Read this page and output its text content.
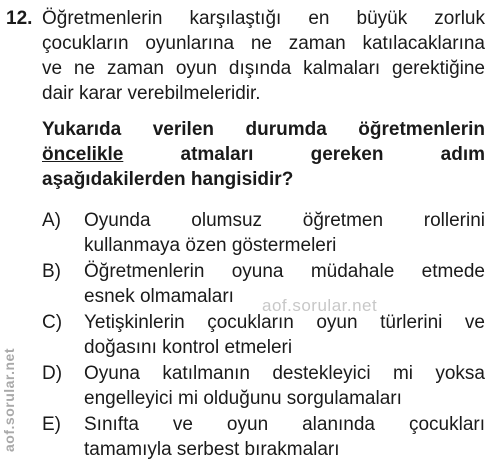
12. Öğretmenlerin karşılaştığı en büyük zorluk
çocukların oyunlarına ne zaman katılacaklarına
ve ne zaman oyun dışında kalmaları gerektiğine
dair karar verebilmeleridir.
Yukarıda verilen durumda öğretmenlerin
öncelikle atmaları gereken adım
aşağıdakilerden hangisidir?
A)	Oyunda olumsuz öğretmen rollerini
kullanmaya özen göstermeleri
B)	Öğretmenlerin oyuna müdahale etmede
esnek olmamaları
C)	Yetişkinlerin çocukların oyun türlerini ve
doğasını kontrol etmeleri
D)	Oyuna katılmanın destekleyici mi yoksa
engelleyici mi olduğunu sorgulamaları
E)	Sınıfta ve oyun alanında çocukları
tamamıyla serbest bırakmaları
aof.sorular.net
aof.sorular.net
